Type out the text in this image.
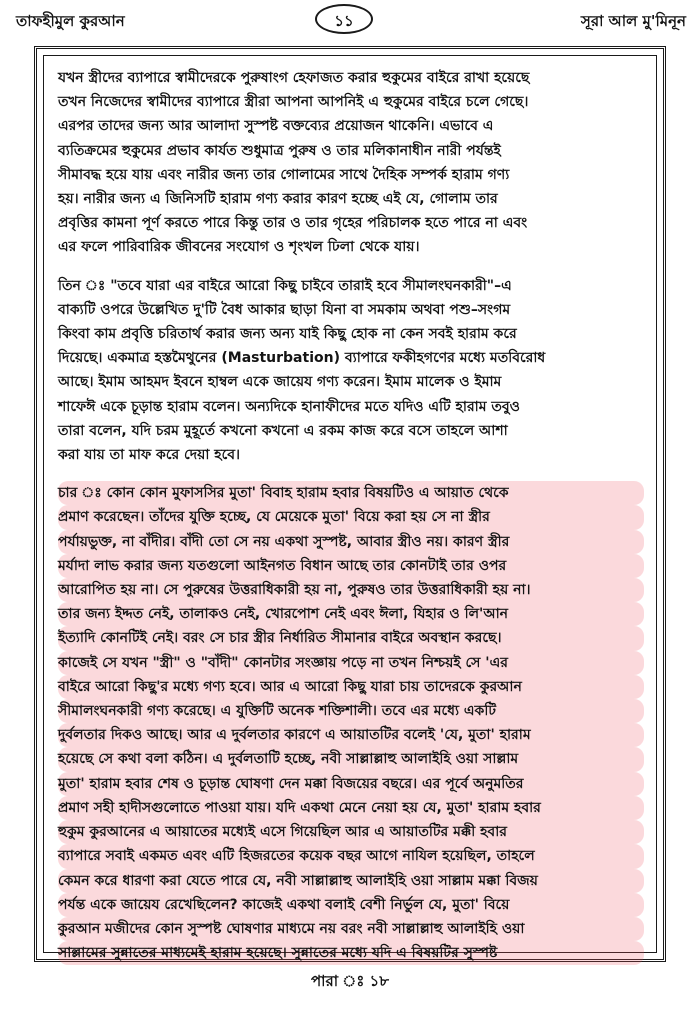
তাফহীমুল কুরআন	১১	সূরা আল মু'মিনূন

যখন স্ত্রীদের ব্যাপারে স্বামীদেরকে পুরুষাংগ হেফাজত করার হুকুমের বাইরে রাখা হয়েছে
তখন নিজেদের স্বামীদের ব্যাপারে স্ত্রীরা আপনা আপনিই এ হুকুমের বাইরে চলে গেছে।
এরপর তাদের জন্য আর আলাদা সুস্পষ্ট বক্তব্যের প্রয়োজন থাকেনি। এভাবে এ
ব্যতিক্রমের হুকুমের প্রভাব কার্যত শুধুমাত্র পুরুষ ও তার মলিকানাধীন নারী পর্যন্তই
সীমাবদ্ধ হয়ে যায় এবং নারীর জন্য তার গোলামের সাথে দৈহিক সম্পর্ক হারাম গণ্য
হয়। নারীর জন্য এ জিনিসটি হারাম গণ্য করার কারণ হচ্ছে এই যে, গোলাম তার
প্রবৃত্তির কামনা পূর্ণ করতে পারে কিন্তু তার ও তার গৃহের পরিচালক হতে পারে না এবং
এর ফলে পারিবারিক জীবনের সংযোগ ও শৃংখল ঢিলা থেকে যায়।

তিন ঃ "তবে যারা এর বাইরে আরো কিছু চাইবে তারাই হবে সীমালংঘনকারী"–এ
বাক্যটি ওপরে উল্লেখিত দু'টি বৈধ আকার ছাড়া যিনা বা সমকাম অথবা পশু–সংগম
কিংবা কাম প্রবৃত্তি চরিতার্থ করার জন্য অন্য যাই কিছু হোক না কেন সবই হারাম করে
দিয়েছে। একমাত্র হস্তমৈথুনের (Masturbation) ব্যাপারে ফকীহগণের মধ্যে মতবিরোধ
আছে। ইমাম আহমদ ইবনে হাম্বল একে জায়েয গণ্য করেন। ইমাম মালেক ও ইমাম
শাফেঈ একে চূড়ান্ত হারাম বলেন। অন্যদিকে হানাফীদের মতে যদিও এটি হারাম তবুও
তারা বলেন, যদি চরম মুহূর্তে কখনো কখনো এ রকম কাজ করে বসে তাহলে আশা
করা যায় তা মাফ করে দেয়া হবে।

চার ঃ কোন কোন মুফাসসির মুতা' বিবাহ হারাম হবার বিষয়টিও এ আয়াত থেকে
প্রমাণ করেছেন। তাঁদের যুক্তি হচ্ছে, যে মেয়েকে মুতা' বিয়ে করা হয় সে না স্ত্রীর
পর্যায়ভুক্ত, না বাঁদীর। বাঁদী তো সে নয় একথা সুস্পষ্ট, আবার স্ত্রীও নয়। কারণ স্ত্রীর
মর্যাদা লাভ করার জন্য যতগুলো আইনগত বিধান আছে তার কোনটাই তার ওপর
আরোপিত হয় না। সে পুরুষের উত্তরাধিকারী হয় না, পুরুষও তার উত্তরাধিকারী হয় না।
তার জন্য ইদ্দত নেই, তালাকও নেই, খোরপোশ নেই এবং ঈলা, যিহার ও লি'আন
ইত্যাদি কোনটিই নেই। বরং সে চার স্ত্রীর নির্ধারিত সীমানার বাইরে অবস্থান করছে।
কাজেই সে যখন "স্ত্রী" ও "বাঁদী" কোনটার সংজ্ঞায় পড়ে না তখন নিশ্চয়ই সে 'এর
বাইরে আরো কিছু'র মধ্যে গণ্য হবে। আর এ আরো কিছু যারা চায় তাদেরকে কুরআন
সীমালংঘনকারী গণ্য করেছে। এ যুক্তিটি অনেক শক্তিশালী। তবে এর মধ্যে একটি
দুর্বলতার দিকও আছে। আর এ দুর্বলতার কারণে এ আয়াতটির বলেই 'যে, মুতা' হারাম
হয়েছে সে কথা বলা কঠিন। এ দুর্বলতাটি হচ্ছে, নবী সাল্লাল্লাহু আলাইহি ওয়া সাল্লাম
মুতা' হারাম হবার শেষ ও চূড়ান্ত ঘোষণা দেন মক্কা বিজয়ের বছরে। এর পূর্বে অনুমতির
প্রমাণ সহী হাদীসগুলোতে পাওয়া যায়। যদি একথা মেনে নেয়া হয় যে, মুতা' হারাম হবার
হুকুম কুরআনের এ আয়াতের মধ্যেই এসে গিয়েছিল আর এ আয়াতটির মক্কী হবার
ব্যাপারে সবাই একমত এবং এটি হিজরতের কয়েক বছর আগে নাযিল হয়েছিল, তাহলে
কেমন করে ধারণা করা যেতে পারে যে, নবী সাল্লাল্লাহু আলাইহি ওয়া সাল্লাম মক্কা বিজয়
পর্যন্ত একে জায়েয রেখেছিলেন? কাজেই একথা বলাই বেশী নির্ভুল যে, মুতা' বিয়ে
কুরআন মজীদের কোন সুস্পষ্ট ঘোষণার মাধ্যমে নয় বরং নবী সাল্লাল্লাহু আলাইহি ওয়া
সাল্লামের সুন্নাতের মাধ্যমেই হারাম হয়েছে। সুন্নাতের মধ্যে যদি এ বিষয়টির সুস্পষ্ট

পারা ঃ ১৮
